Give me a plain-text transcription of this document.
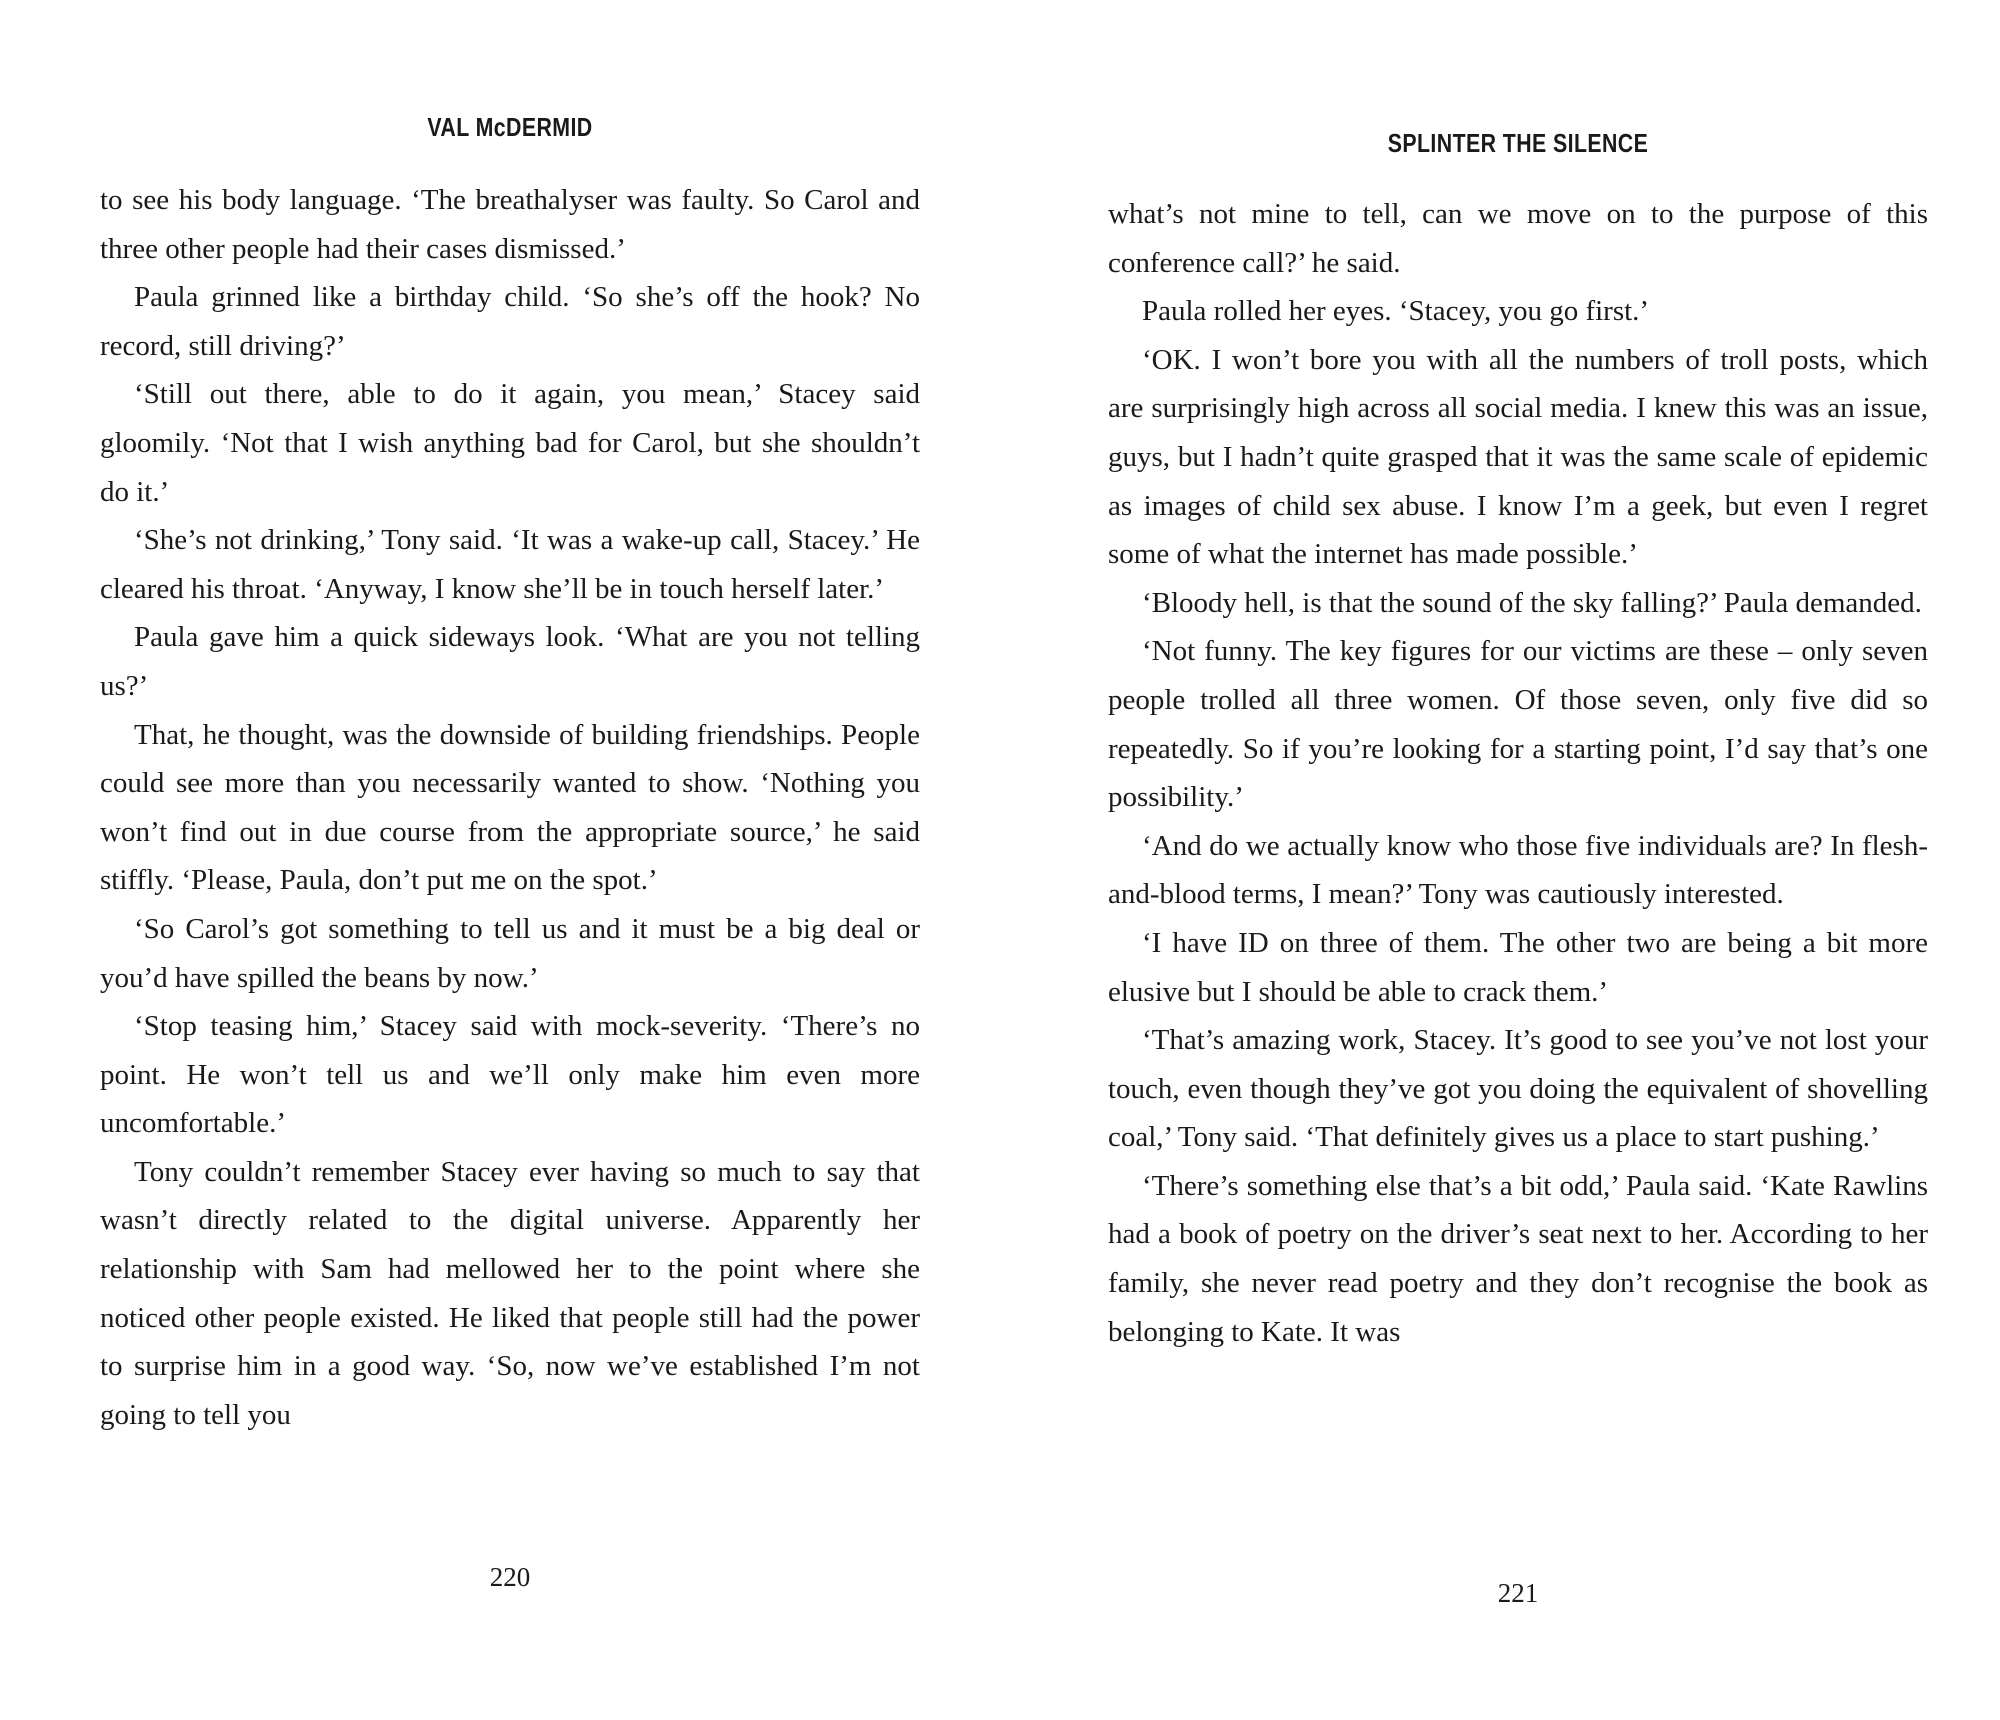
VAL McDERMID

to see his body language. ‘The breathalyser was faulty. So Carol and three other people had their cases dismissed.’

Paula grinned like a birthday child. ‘So she’s off the hook? No record, still driving?’

‘Still out there, able to do it again, you mean,’ Stacey said gloomily. ‘Not that I wish anything bad for Carol, but she shouldn’t do it.’

‘She’s not drinking,’ Tony said. ‘It was a wake-up call, Stacey.’ He cleared his throat. ‘Anyway, I know she’ll be in touch herself later.’

Paula gave him a quick sideways look. ‘What are you not telling us?’

That, he thought, was the downside of building friendships. People could see more than you necessarily wanted to show. ‘Nothing you won’t find out in due course from the appropriate source,’ he said stiffly. ‘Please, Paula, don’t put me on the spot.’

‘So Carol’s got something to tell us and it must be a big deal or you’d have spilled the beans by now.’

‘Stop teasing him,’ Stacey said with mock-severity. ‘There’s no point. He won’t tell us and we’ll only make him even more uncomfortable.’

Tony couldn’t remember Stacey ever having so much to say that wasn’t directly related to the digital universe. Apparently her relationship with Sam had mellowed her to the point where she noticed other people existed. He liked that people still had the power to surprise him in a good way. ‘So, now we’ve established I’m not going to tell you

220
SPLINTER THE SILENCE

what’s not mine to tell, can we move on to the purpose of this conference call?’ he said.

Paula rolled her eyes. ‘Stacey, you go first.’

‘OK. I won’t bore you with all the numbers of troll posts, which are surprisingly high across all social media. I knew this was an issue, guys, but I hadn’t quite grasped that it was the same scale of epidemic as images of child sex abuse. I know I’m a geek, but even I regret some of what the internet has made possible.’

‘Bloody hell, is that the sound of the sky falling?’ Paula demanded.

‘Not funny. The key figures for our victims are these – only seven people trolled all three women. Of those seven, only five did so repeatedly. So if you’re looking for a starting point, I’d say that’s one possibility.’

‘And do we actually know who those five individuals are? In flesh-and-blood terms, I mean?’ Tony was cautiously interested.

‘I have ID on three of them. The other two are being a bit more elusive but I should be able to crack them.’

‘That’s amazing work, Stacey. It’s good to see you’ve not lost your touch, even though they’ve got you doing the equivalent of shovelling coal,’ Tony said. ‘That definitely gives us a place to start pushing.’

‘There’s something else that’s a bit odd,’ Paula said. ‘Kate Rawlins had a book of poetry on the driver’s seat next to her. According to her family, she never read poetry and they don’t recognise the book as belonging to Kate. It was

221
